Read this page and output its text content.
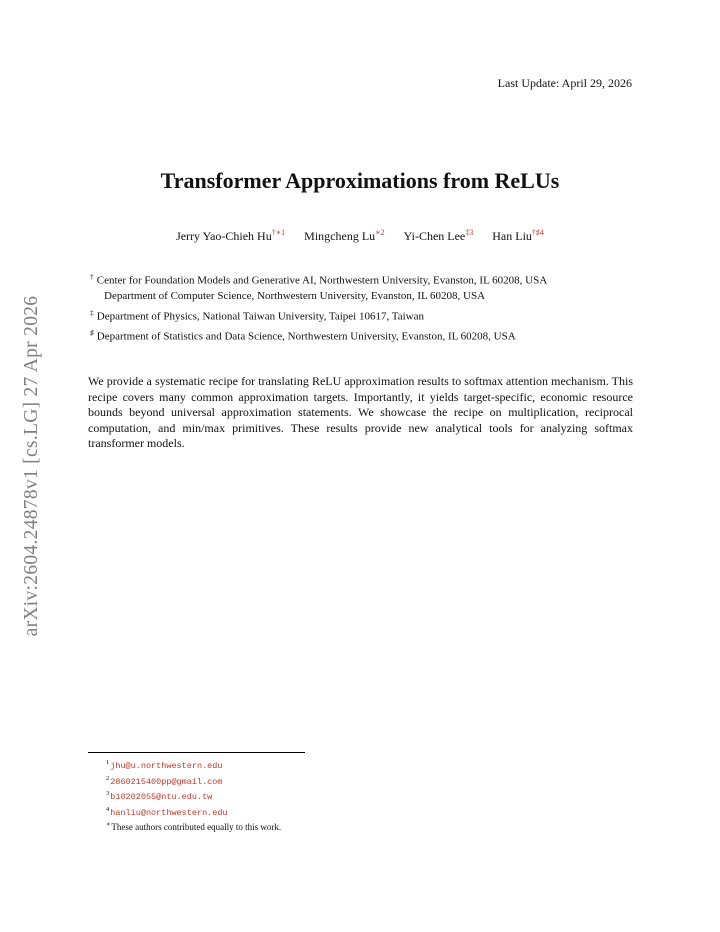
Last Update: April 29, 2026
Transformer Approximations from ReLUs
Jerry Yao-Chieh $Hu^{\dagger∗1}$ Mingcheng $Lu^{∗2}$ Yi-Chen Lee$^{\ddagger 3}$ Han Liu$^{\dagger♯4}$
† Center for Foundation Models and Generative AI, Northwestern University, Evanston, IL 60208, USA
Department of Computer Science, Northwestern University, Evanston, IL 60208, USA
‡ Department of Physics, National Taiwan University, Taipei 10617, Taiwan
♯ Department of Statistics and Data Science, Northwestern University, Evanston, IL 60208, USA
We provide a systematic recipe for translating ReLU approximation results to softmax attention mechanism. This recipe covers many common approximation targets. Importantly, it yields target-specific, economic resource bounds beyond universal approximation statements. We showcase the recipe on multiplication, reciprocal computation, and min/max primitives. These results provide new analytical tools for analyzing softmax transformer models.
arXiv:2604.24878v1 [cs.LG] 27 Apr 2026
$^1$jhu@u.northwestern.edu
$^2$2860215400pp@gmail.com
$^3$b10202055@ntu.edu.tw
$^4$hanliu@northwestern.edu
∗These authors contributed equally to this work.
